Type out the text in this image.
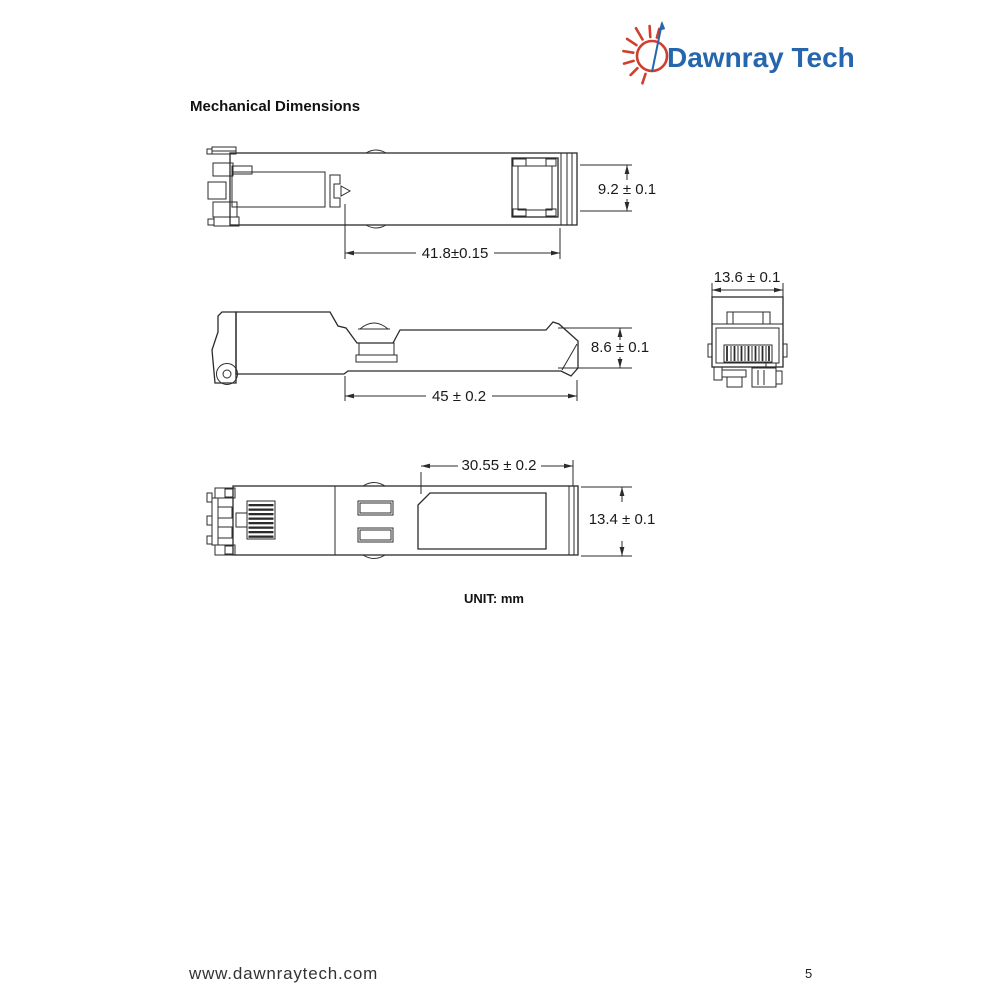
Dawnray Tech
Mechanical Dimensions
9.2 ± 0.1
41.8±0.15
8.6 ± 0.1
45 ± 0.2
13.6 ± 0.1
30.55 ± 0.2
13.4 ± 0.1
UNIT: mm
www.dawnraytech.com	5
